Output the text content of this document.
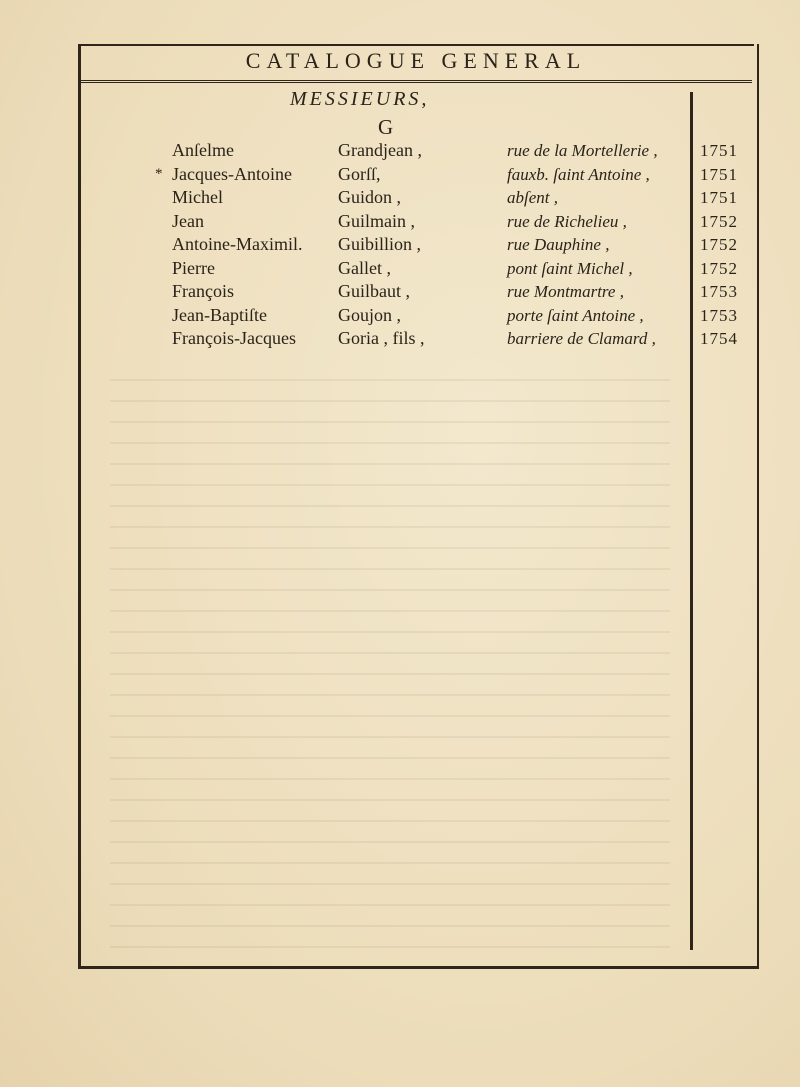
CATALOGUE GENERAL
MESSIEURS,
G
Anſelme	Grandjean ,	rue de la Mortellerie , 1751
* Jacques-Antoine	Gorſſ,	fauxb. ſaint Antoine ,	1751
Michel	Guidon ,	abſent ,	1751
Jean	Guilmain ,	rue de Richelieu ,	1752
Antoine-Maximil. Guibillion ,	rue Dauphine ,	1752
Pierre	Gallet ,	pont ſaint Michel ,	1752
François	Guilbaut ,	rue Montmartre ,	1753
Jean-Baptiſte	Goujon ,	porte ſaint Antoine ,	1753
François-Jacques Goria , fils ,	barriere de Clamard ,	1754
